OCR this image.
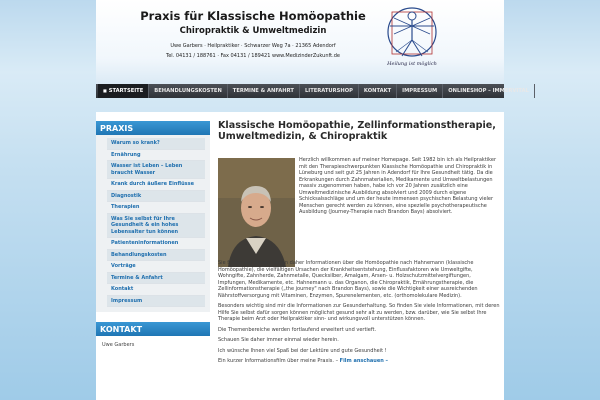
Praxis für Klassische Homöopathie
Chiropraktik & Umweltmedizin
Uwe Garbers · Heilpraktiker · Schwarzer Weg 7a · 21365 Adendorf
Tel. 04131 / 188761 · Fax 04131 / 189421 www.MedizinderZukunft.de
Heilung ist möglich
■ STARTSEITE	BEHANDLUNGSKOSTEN	TERMINE & ANFAHRT	LITERATURSHOP	KONTAKT	IMPRESSUM	ONLINESHOP – IMMERVITAL
PRAXIS
Warum so krank?
Ernährung
Wasser ist Leben – Leben braucht Wasser
Krank durch äußere Einflüsse
Diagnostik
Therapien
Was Sie selbst für Ihre Gesundheit & ein hohes Lebensalter tun können
Patienteninformationen
Behandlungskosten
Vorträge
Termine & Anfahrt
Kontakt
Impressum
KONTAKT
Uwe Garbers
Klassische Homöopathie, Zellinformationstherapie, Umweltmedizin, & Chiropraktik
Herzlich willkommen auf meiner Homepage. Seit 1982 bin ich als Heilpraktiker mit den Therapieschwerpunkten Klassische Homöopathie und Chiropraktik in Lüneburg und seit gut 25 Jahren in Adendorf für Ihre Gesundheit tätig. Da die Erkrankungen durch Zahnmaterialien, Medikamente und Umweltbelastungen massiv zugenommen haben, habe ich vor 20 Jahren zusätzlich eine Umweltmedizinische Ausbildung absolviert und 2009 durch eigene Schicksalsschläge und um der heute immensen psychischen Belastung vieler Menschen gerecht werden zu können, eine spezielle psychotherapeutische Ausbildung (Journey-Therapie nach Brandon Bays) absolviert.
Sie finden auf diesen Seiten daher Informationen über die Homöopathie nach Hahnemann (klassische Homöopathie), die vielfältigen Ursachen der Krankheitsentstehung, Einflussfaktoren wie Umweltgifte, Wohngifte, Zahnherde, Zahnmetalle, Quecksilber, Amalgam, Arsen- u. Holzschutzmittelvergiftungen, Impfungen, Medikamente, etc. Hahnemann u. das Organon, die Chiropraktik, Ernährungstherapie, die Zellinformationstherapie („the journey" nach Brandon Bays), sowie die Wichtigkeit einer ausreichenden Nährstoffversorgung mit Vitaminen, Enzymen, Spurenelementen, etc. (orthomolekulare Medizin).
Besonders wichtig sind mir die Informationen zur Gesunderhaltung. So finden Sie viele Informationen, mit deren Hilfe Sie selbst dafür sorgen können möglichst gesund sehr alt zu werden, bzw. darüber, wie Sie selbst Ihre Therapie beim Arzt oder Heilpraktiker sinn- und wirkungsvoll unterstützen können.
Die Themenbereiche werden fortlaufend erweitert und vertieft.
Schauen Sie daher immer einmal wieder herein.
Ich wünsche Ihnen viel Spaß bei der Lektüre und gute Gesundheit !
Ein kurzer Informationsfilm über meine Praxis. – Film anschauen –
